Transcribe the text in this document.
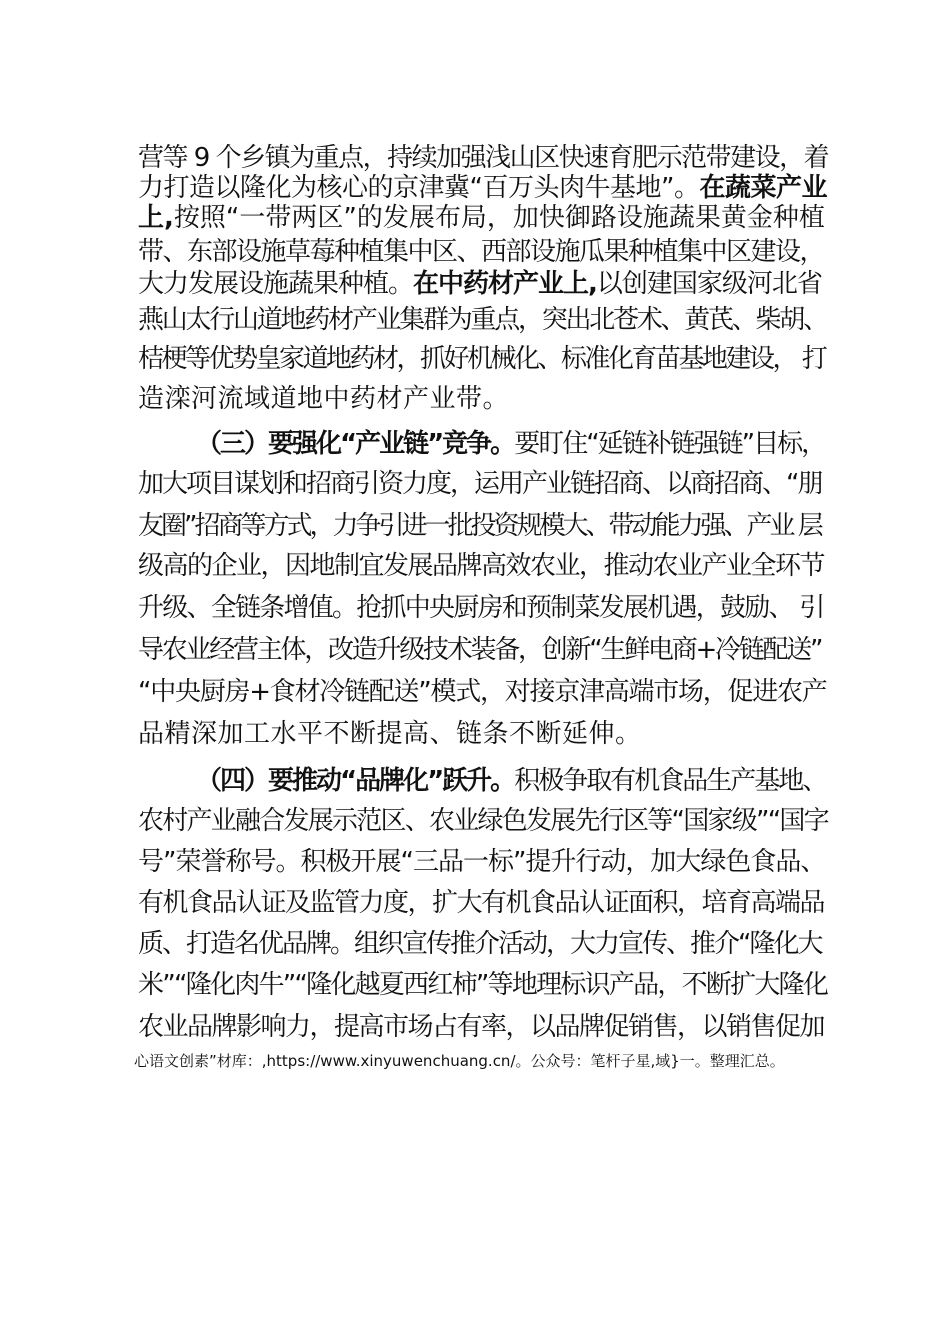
营等 9 个乡镇为重点，持续加强浅山区快速育肥示范带建设，着
力打造以隆化为核心的京津冀“百万头肉牛基地”。在蔬菜产业
上,按照“一带两区”的发展布局，加快御路设施蔬果黄金种植
带、东部设施草莓种植集中区、西部设施瓜果种植集中区建设，
大力发展设施蔬果种植。在中药材产业上,以创建国家级河北省
燕山太行山道地药材产业集群为重点，突出北苍术、黄芪、柴胡、
桔梗等优势皇家道地药材，抓好机械化、标准化育苗基地建设， 打
造滦河流域道地中药材产业带。
（三）要强化“产业链”竞争。要盯住“延链补链强链”目标，
加大项目谋划和招商引资力度，运用产业链招商、以商招商、“朋
友圈”招商等方式，力争引进一批投资规模大、带动能力强、产业 层
级高的企业，因地制宜发展品牌高效农业，推动农业产业全环节
升级、全链条增值。抢抓中央厨房和预制菜发展机遇，鼓励、 引
导农业经营主体，改造升级技术装备，创新“生鲜电商+冷链配送”
“中央厨房+食材冷链配送”模式，对接京津高端市场，促进农产
品精深加工水平不断提高、链条不断延伸。
（四）要推动“品牌化”跃升。积极争取有机食品生产基地、
农村产业融合发展示范区、农业绿色发展先行区等“国家级”“国字
号”荣誉称号。积极开展“三品一标”提升行动，加大绿色食品、
有机食品认证及监管力度，扩大有机食品认证面积，培育高端品
质、打造名优品牌。组织宣传推介活动，大力宣传、推介“隆化大
米”“隆化肉牛”“隆化越夏西红柿”等地理标识产品，不断扩大隆化
农业品牌影响力，提高市场占有率，以品牌促销售，以销售促加
心语文创素”材库：,https://www.xinyuwenchuang.cn/。公众号：笔杆子星,域}一。整理汇总。
